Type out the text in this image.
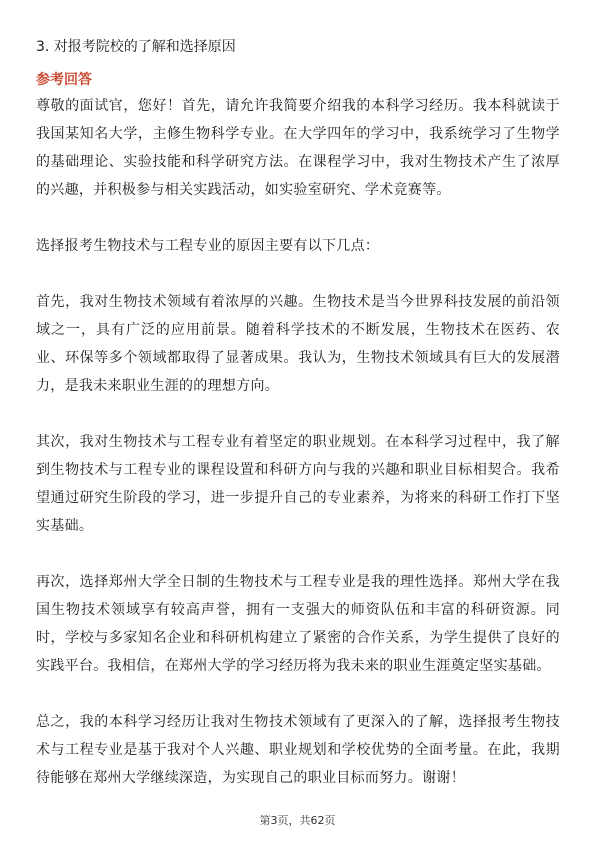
3. 对报考院校的了解和选择原因
参考回答

尊敬的面试官，您好！首先，请允许我简要介绍我的本科学习经历。我本科就读于我国某知名大学，主修生物科学专业。在大学四年的学习中，我系统学习了生物学的基础理论、实验技能和科学研究方法。在课程学习中，我对生物技术产生了浓厚的兴趣，并积极参与相关实践活动，如实验室研究、学术竞赛等。

选择报考生物技术与工程专业的原因主要有以下几点：

首先，我对生物技术领域有着浓厚的兴趣。生物技术是当今世界科技发展的前沿领域之一，具有广泛的应用前景。随着科学技术的不断发展，生物技术在医药、农业、环保等多个领域都取得了显著成果。我认为，生物技术领域具有巨大的发展潜力，是我未来职业生涯的的理想方向。

其次，我对生物技术与工程专业有着坚定的职业规划。在本科学习过程中，我了解到生物技术与工程专业的课程设置和科研方向与我的兴趣和职业目标相契合。我希望通过研究生阶段的学习，进一步提升自己的专业素养，为将来的科研工作打下坚实基础。

再次，选择郑州大学全日制的生物技术与工程专业是我的理性选择。郑州大学在我国生物技术领域享有较高声誉，拥有一支强大的师资队伍和丰富的科研资源。同时，学校与多家知名企业和科研机构建立了紧密的合作关系，为学生提供了良好的实践平台。我相信，在郑州大学的学习经历将为我未来的职业生涯奠定坚实基础。

总之，我的本科学习经历让我对生物技术领域有了更深入的了解，选择报考生物技术与工程专业是基于我对个人兴趣、职业规划和学校优势的全面考量。在此，我期待能够在郑州大学继续深造，为实现自己的职业目标而努力。谢谢！

第3页，共62页
